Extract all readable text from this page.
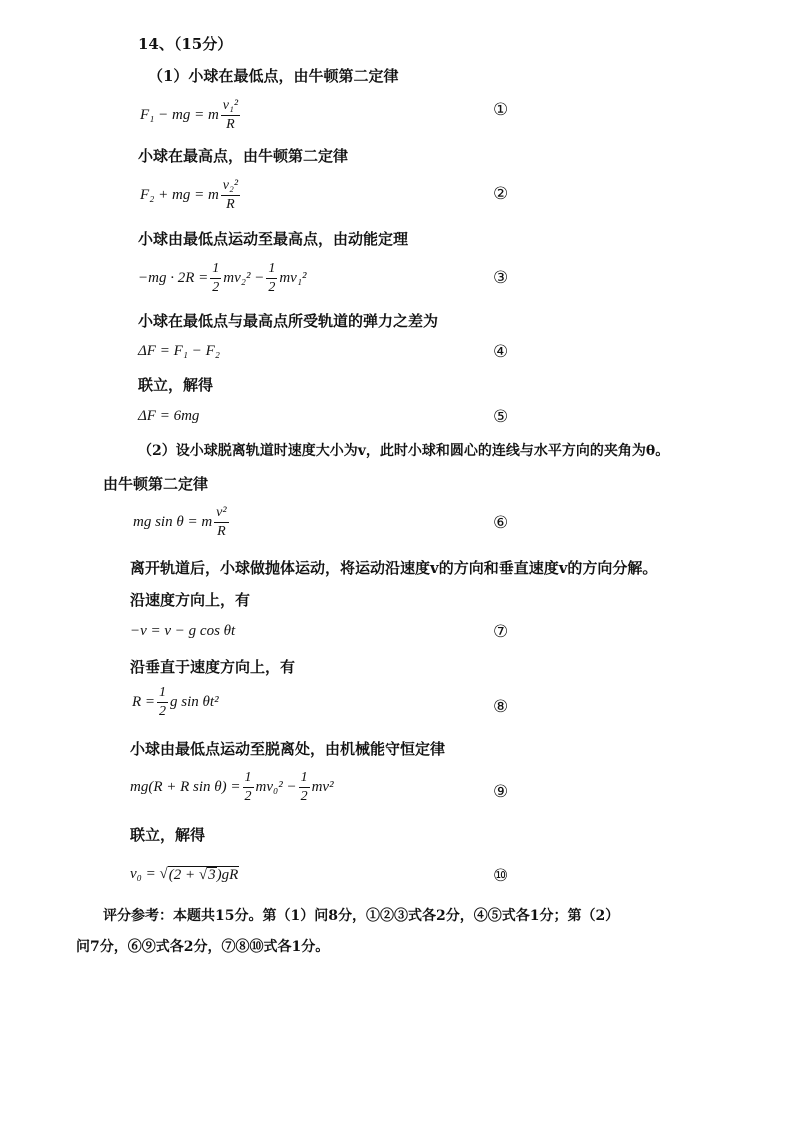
14、（15分）
（1）小球在最低点，由牛顿第二定律
F₁ − mg = m $\frac{\text{v₁²}}{R}$	①
小球在最高点，由牛顿第二定律
F₂ + mg = m $\frac{\text{v₂²}}{R}$	②
小球由最低点运动至最高点，由动能定理
$-mg \cdot 2R = \frac{1}{2} mv_2^2 - \frac{1}{2} mv_1^2$	③
小球在最低点与最高点所受轨道的弹力之差为
ΔF = F₁ − F₂	④
联立，解得
ΔF = 6mg	⑤
（2）设小球脱离轨道时速度大小为v，此时小球和圆心的连线与水平方向的夹角为θ。
由牛顿第二定律
mg sin θ = m $\frac{\text{v²}}{R}$	⑥
离开轨道后，小球做抛体运动，将运动沿速度v的方向和垂直速度v的方向分解。
沿速度方向上，有
−v = v − g cos θt	⑦
沿垂直于速度方向上，有
$R = \frac{1}{2}$ g sin θt²	⑧
小球由最低点运动至脱离处，由机械能守恒定律
mg(R + R $\sin \theta) = \frac{1}{2} mv_0^2 - \frac{1}{2} mv^2$	⑨
联立，解得
v₀ = √ (2 + √3)gR	⑩
评分参考：本题共15分。第（1）问8分，①②③式各2分，④⑤式各1分；第（2）
问7分，⑥⑨式各2分，⑦⑧⑩式各1分。
